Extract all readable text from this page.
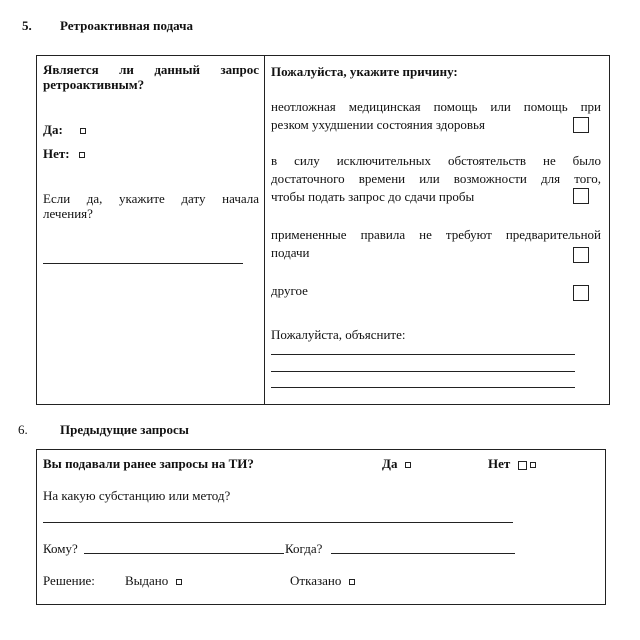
5. Ретроактивная подача
Является ли данный запрос
ретроактивным?
Да:
Нет:
Если да, укажите дату начала
лечения?
Пожалуйста, укажите причину:
неотложная медицинская помощь или помощь при
резком ухудшении состояния здоровья
в силу исключительных обстоятельств не было
достаточного времени или возможности для того,
чтобы подать запрос до сдачи пробы
примененные правила не требуют предварительной
подачи
другое
Пожалуйста, объясните:
6. Предыдущие запросы
Вы подавали ранее запросы на ТИ?	Да	Нет
На какую субстанцию или метод?
Кому?	Когда?
Решение: Выдано	Отказано
